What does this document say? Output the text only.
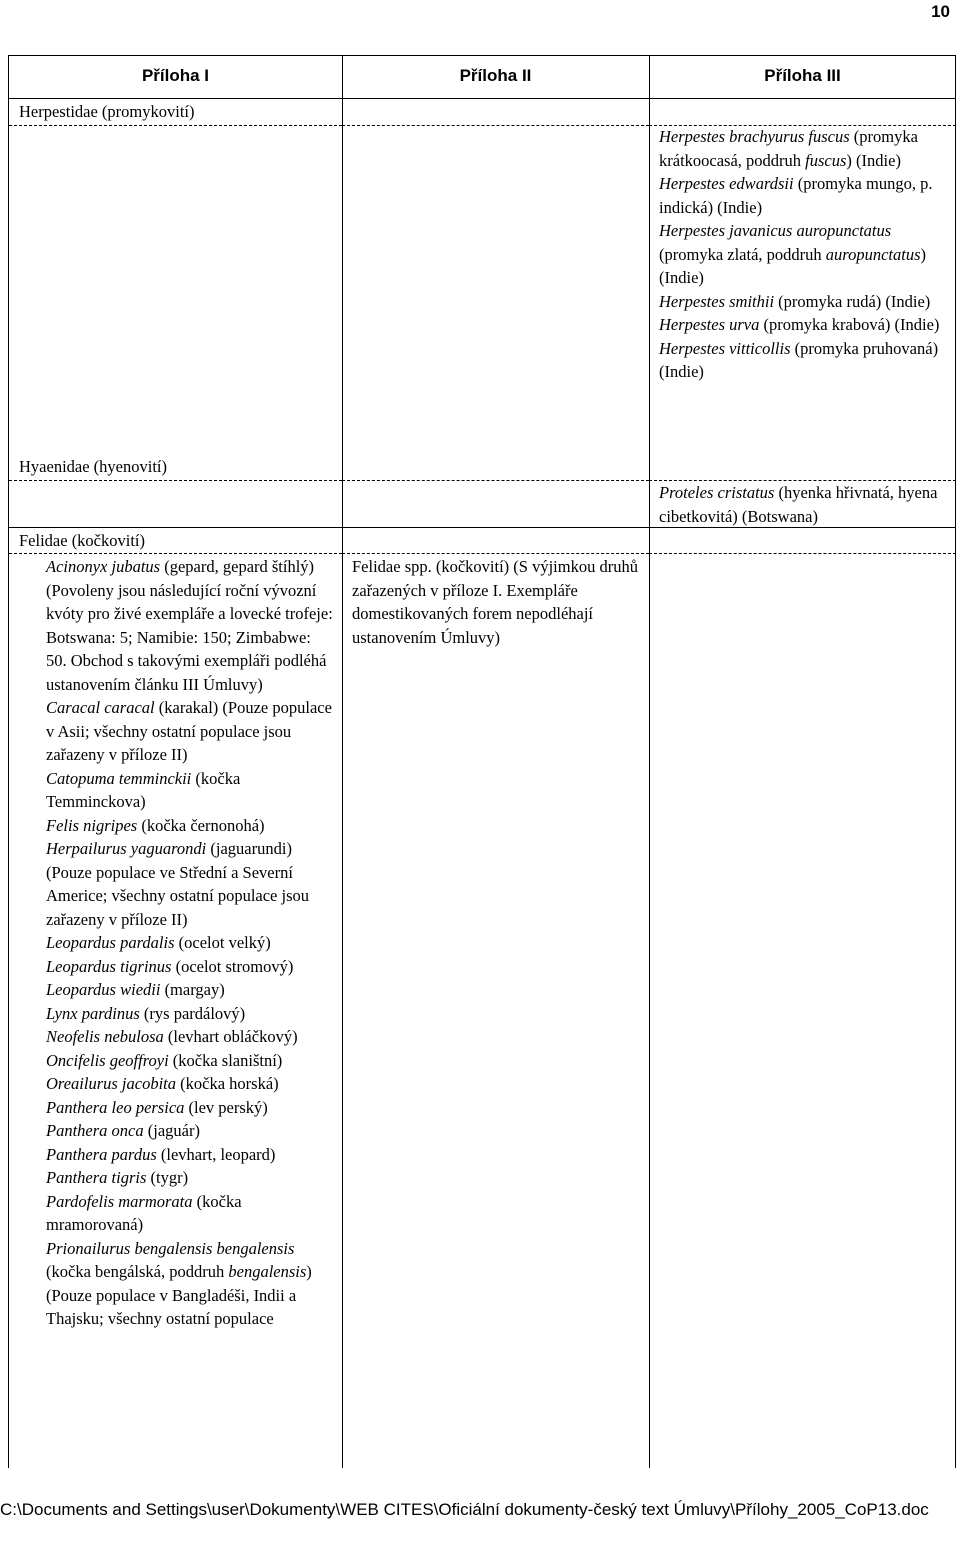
10
Příloha I	Příloha II	Příloha III
Herpestidae (promykovití)

Herpestes brachyurus fuscus (promyka krátkoocasá, poddruh fuscus) (Indie)

Herpestes edwardsii (promyka mungo, p. indická) (Indie)

Herpestes javanicus auropunctatus (promyka zlatá, poddruh auropunctatus) (Indie)

Herpestes smithii (promyka rudá) (Indie)

Herpestes urva (promyka krabová) (Indie)

Herpestes vitticollis (promyka pruhovaná) (Indie)

Hyaenidae (hyenovití)

Proteles cristatus (hyenka hřivnatá, hyena cibetkovitá) (Botswana)

Felidae (kočkovití)

Acinonyx jubatus (gepard, gepard štíhlý) (Povoleny jsou následující roční vývozní kvóty pro živé exempláře a lovecké trofeje: Botswana: 5; Namibie: 150; Zimbabwe: 50. Obchod s takovými exempláři podléhá ustanovením článku III Úmluvy)

Caracal caracal (karakal) (Pouze populace v Asii; všechny ostatní populace jsou zařazeny v příloze II)

Catopuma temminckii (kočka Temminckova)

Felis nigripes (kočka černonohá)

Herpailurus yaguarondi (jaguarundi) (Pouze populace ve Střední a Severní Americe; všechny ostatní populace jsou zařazeny v příloze II)

Leopardus pardalis (ocelot velký)

Leopardus tigrinus (ocelot stromový)

Leopardus wiedii (margay)

Lynx pardinus (rys pardálový)

Neofelis nebulosa (levhart obláčkový)

Oncifelis geoffroyi (kočka slaništní)

Oreailurus jacobita (kočka horská)

Panthera leo persica (lev perský)

Panthera onca (jaguár)

Panthera pardus (levhart, leopard)

Panthera tigris (tygr)

Pardofelis marmorata (kočka mramorovaná)

Prionailurus bengalensis bengalensis (kočka bengálská, poddruh bengalensis) (Pouze populace v Bangladéši, Indii a Thajsku; všechny ostatní populace

Felidae spp. (kočkovití) (S výjimkou druhů zařazených v příloze I. Exempláře domestikovaných forem nepodléhají ustanovením Úmluvy)
C:\Documents and Settings\user\Dokumenty\WEB CITES\Oficiální dokumenty-český text Úmluvy\Přílohy_2005_CoP13.doc
